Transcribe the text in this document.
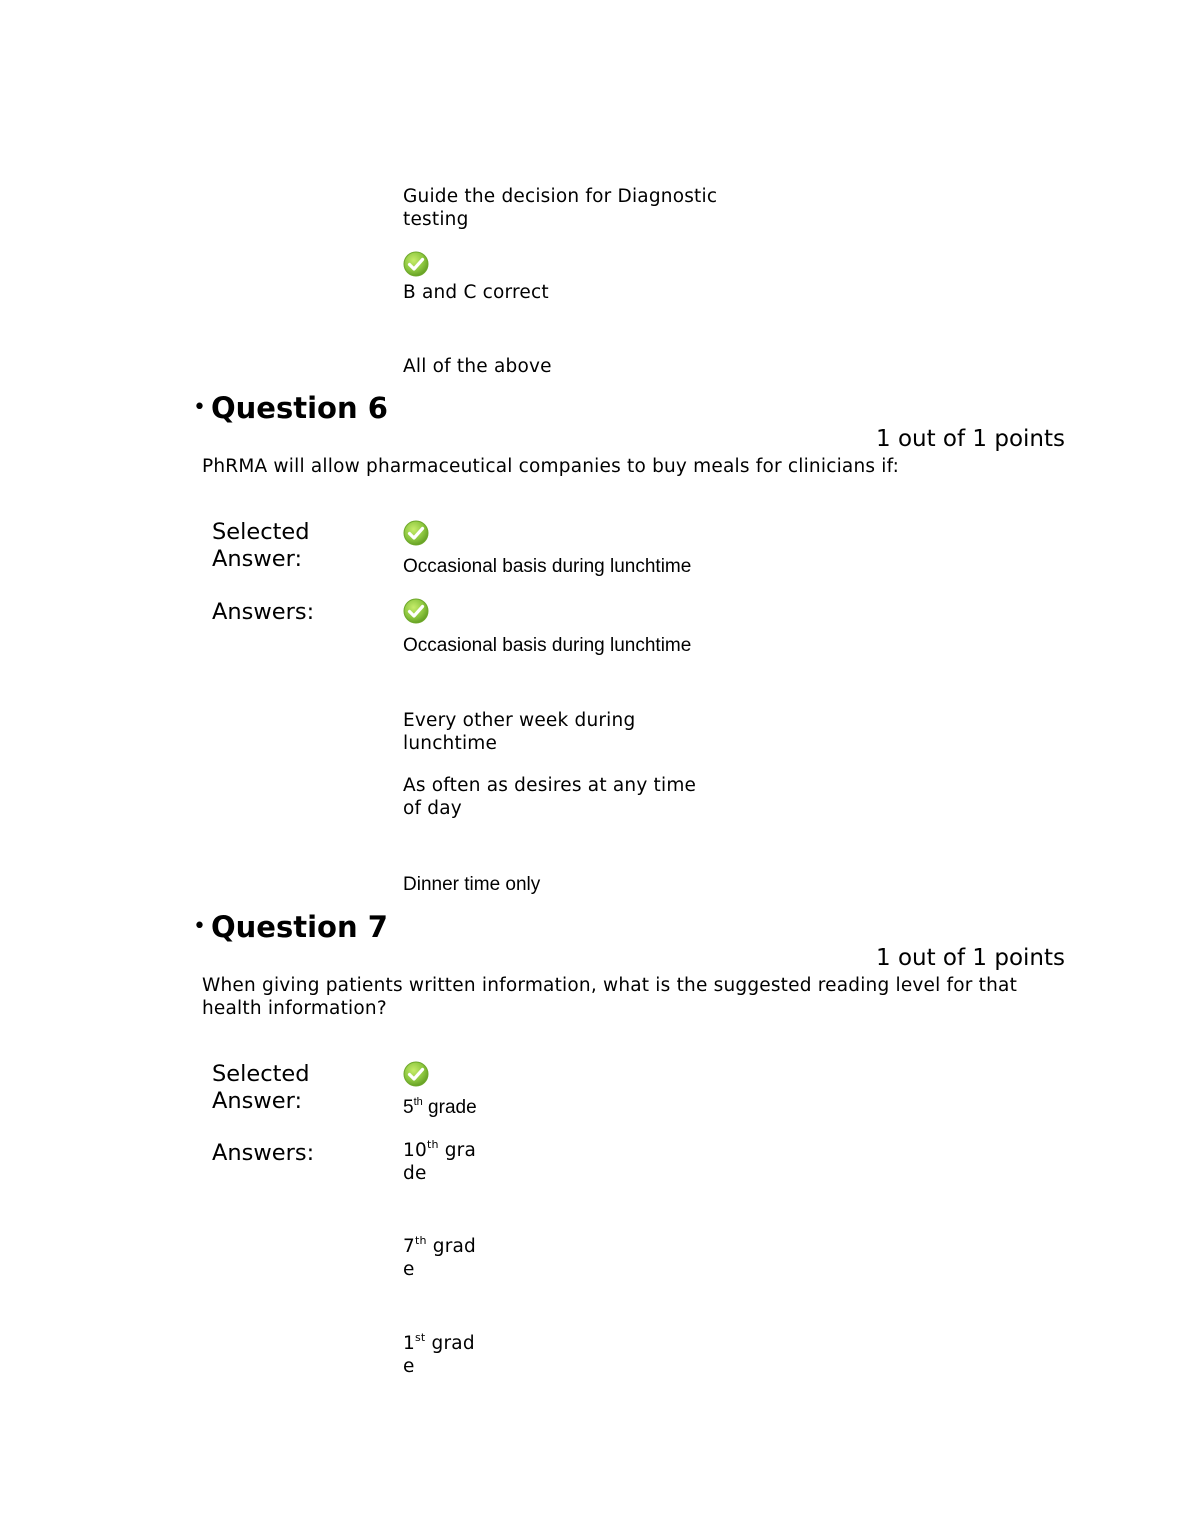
Guide the decision for Diagnostic testing
B and C correct
All of the above
• Question 6
1 out of 1 points
PhRMA will allow pharmaceutical companies to buy meals for clinicians if:
Selected Answer:	Occasional basis during lunchtime
Answers:
Occasional basis during lunchtime
Every other week during lunchtime
As often as desires at any time of day
Dinner time only
• Question 7
1 out of 1 points
When giving patients written information, what is the suggested reading level for that health information?
Selected Answer:	5th grade
Answers:	10th grade
7th grade
1st grade
